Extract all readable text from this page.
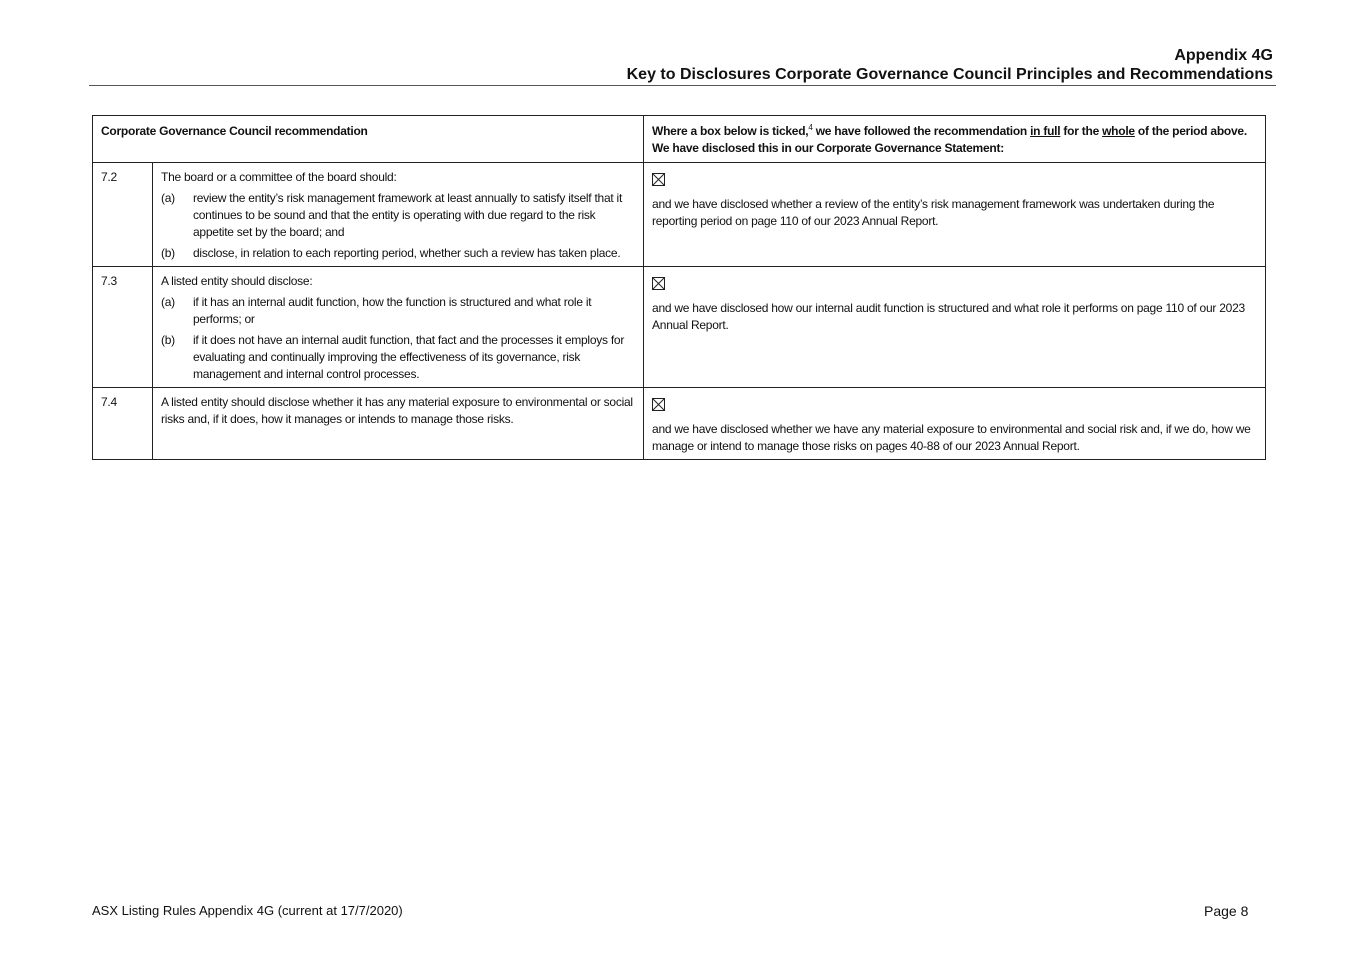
Appendix 4G
Key to Disclosures Corporate Governance Council Principles and Recommendations
Corporate Governance Council recommendation		Where a box below is ticked,$^4$ we have followed the recommendation in full for the whole of the period above. We have disclosed this in our Corporate Governance Statement:
7.2	The board or a committee of the board should:
(a) review the entity’s risk management framework at least annually to satisfy itself that it continues to be sound and that the entity is operating with due regard to the risk appetite set by the board; and
(b) disclose, in relation to each reporting period, whether such a review has taken place.	and we have disclosed whether a review of the entity’s risk management framework was undertaken during the reporting period on page 110 of our 2023 Annual Report.

7.3	A listed entity should disclose:
(a) if it has an internal audit function, how the function is structured and what role it performs; or
(b) if it does not have an internal audit function, that fact and the processes it employs for evaluating and continually improving the effectiveness of its governance, risk management and internal control processes.	and we have disclosed how our internal audit function is structured and what role it performs on page 110 of our 2023 Annual Report.

7.4	A listed entity should disclose whether it has any material exposure to environmental or social risks and, if it does, how it manages or intends to manage those risks.	and we have disclosed whether we have any material exposure to environmental and social risk and, if we do, how we manage or intend to manage those risks on pages 40-88 of our 2023 Annual Report.
ASX Listing Rules Appendix 4G (current at 17/7/2020)	Page 8
